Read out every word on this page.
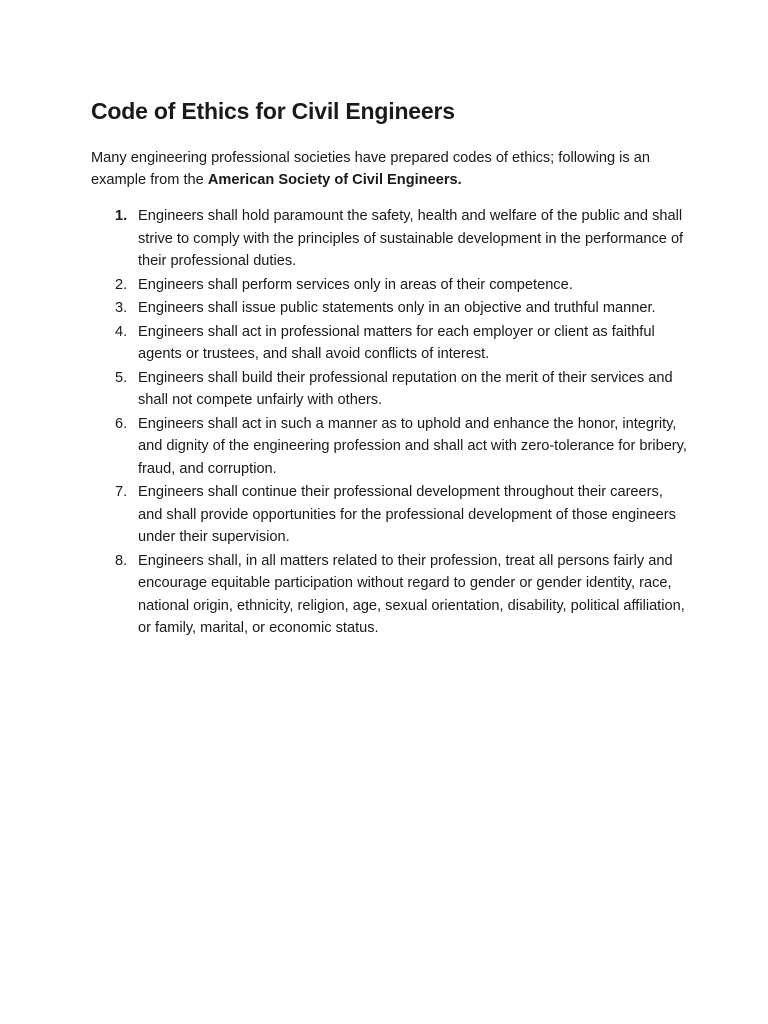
Code of Ethics for Civil Engineers

Many engineering professional societies have prepared codes of ethics; following is an example from the American Society of Civil Engineers.

1. Engineers shall hold paramount the safety, health and welfare of the public and shall strive to comply with the principles of sustainable development in the performance of their professional duties.
2. Engineers shall perform services only in areas of their competence.
3. Engineers shall issue public statements only in an objective and truthful manner.
4. Engineers shall act in professional matters for each employer or client as faithful agents or trustees, and shall avoid conflicts of interest.
5. Engineers shall build their professional reputation on the merit of their services and shall not compete unfairly with others.
6. Engineers shall act in such a manner as to uphold and enhance the honor, integrity, and dignity of the engineering profession and shall act with zero-tolerance for bribery, fraud, and corruption.
7. Engineers shall continue their professional development throughout their careers, and shall provide opportunities for the professional development of those engineers under their supervision.
8. Engineers shall, in all matters related to their profession, treat all persons fairly and encourage equitable participation without regard to gender or gender identity, race, national origin, ethnicity, religion, age, sexual orientation, disability, political affiliation, or family, marital, or economic status.
